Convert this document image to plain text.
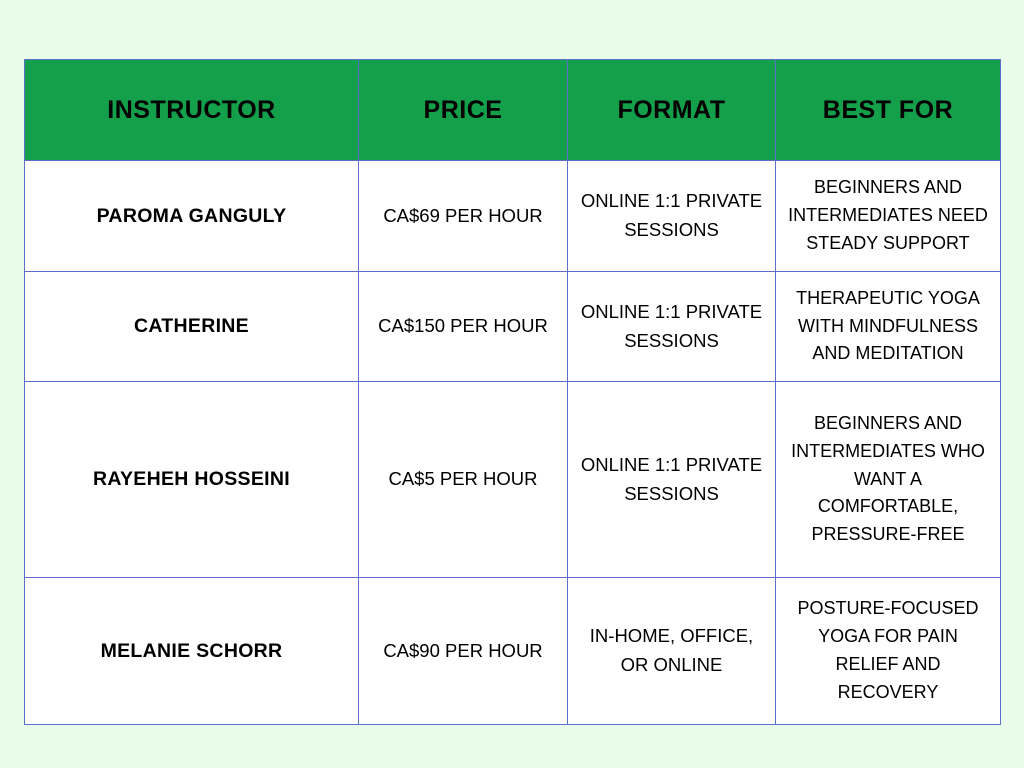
INSTRUCTOR	PRICE	FORMAT	BEST FOR
PAROMA GANGULY	CA$69 PER HOUR	ONLINE 1:1 PRIVATE SESSIONS	BEGINNERS AND INTERMEDIATES NEED STEADY SUPPORT
CATHERINE	CA$150 PER HOUR	ONLINE 1:1 PRIVATE SESSIONS	THERAPEUTIC YOGA WITH MINDFULNESS AND MEDITATION
RAYEHEH HOSSEINI	CA$5 PER HOUR	ONLINE 1:1 PRIVATE SESSIONS	BEGINNERS AND INTERMEDIATES WHO WANT A COMFORTABLE, PRESSURE-FREE
MELANIE SCHORR	CA$90 PER HOUR	IN-HOME, OFFICE, OR ONLINE	POSTURE-FOCUSED YOGA FOR PAIN RELIEF AND RECOVERY
